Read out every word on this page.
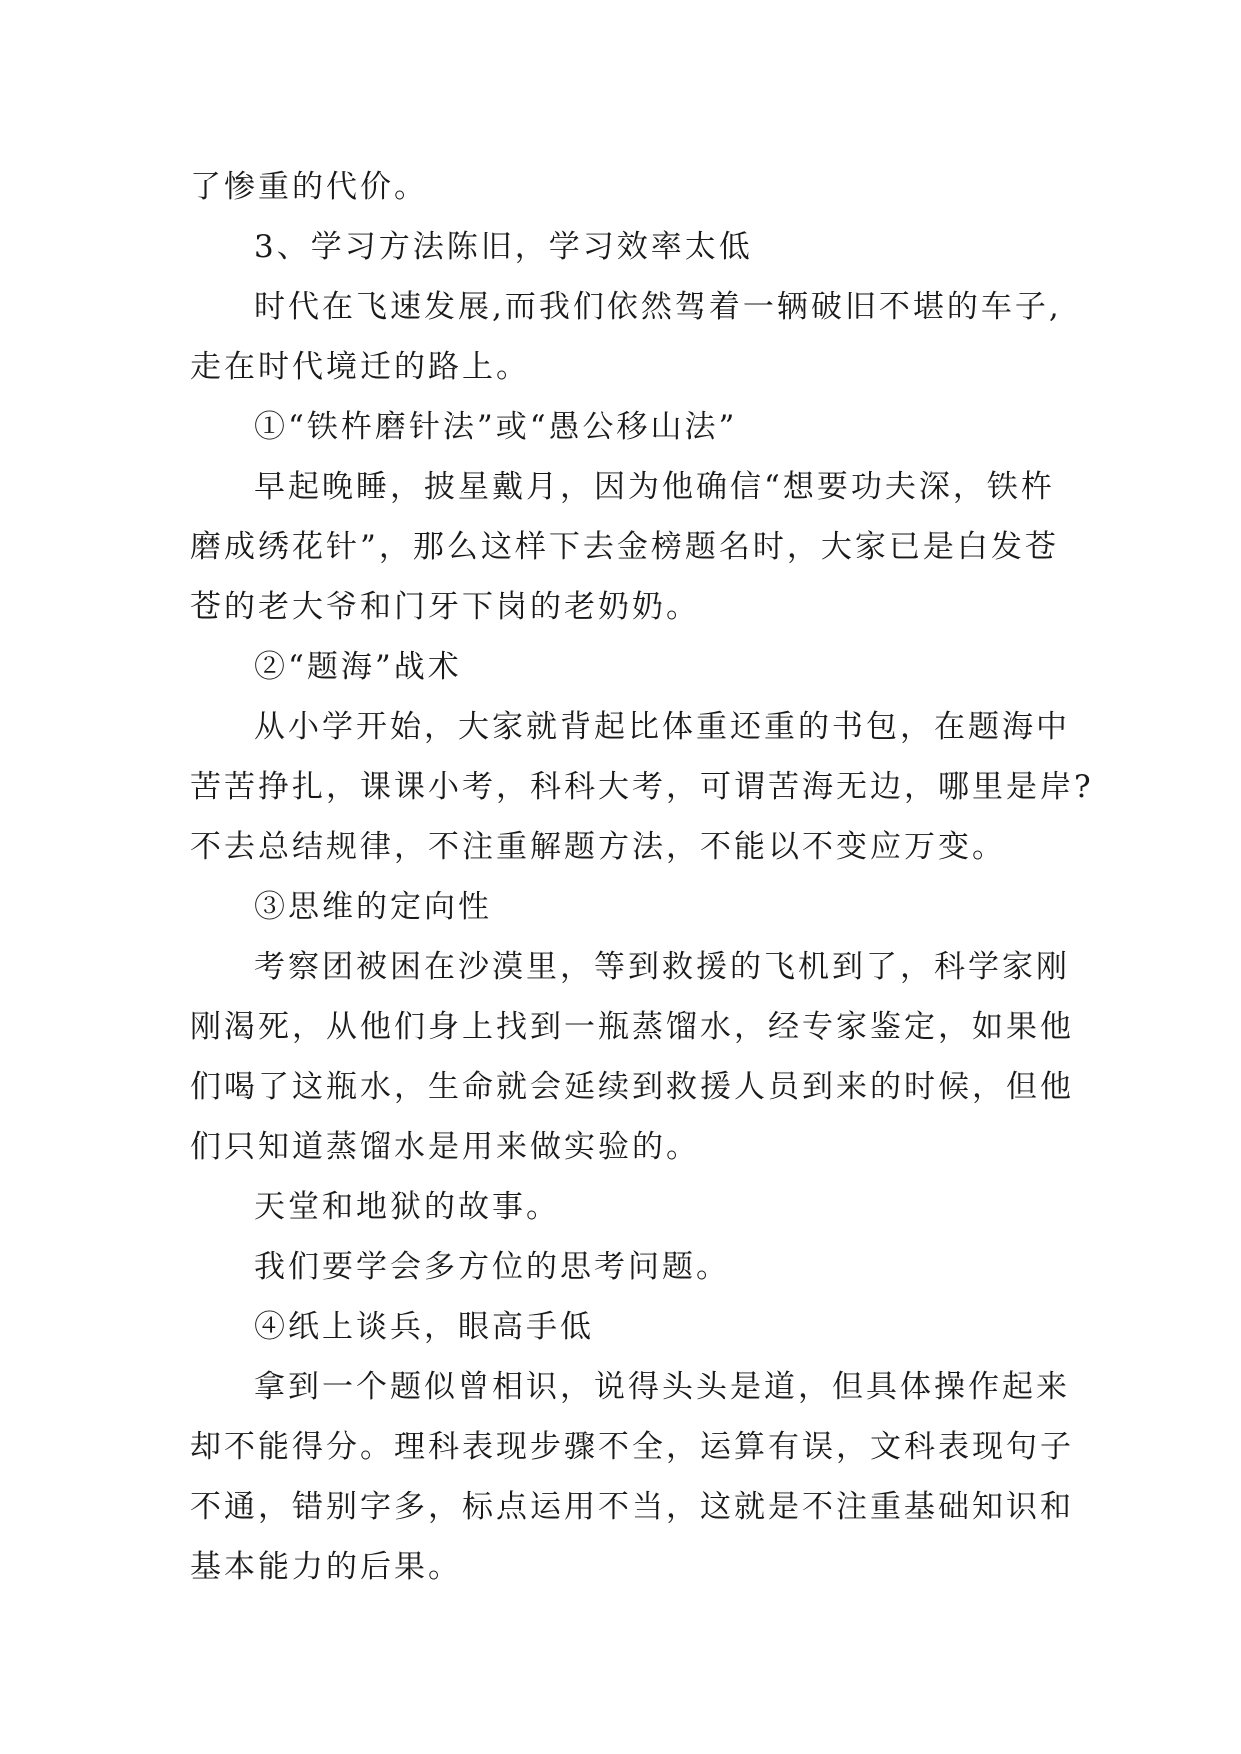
了惨重的代价。
3、学习方法陈旧，学习效率太低
时代在飞速发展,而我们依然驾着一辆破旧不堪的车子,
走在时代境迁的路上。
①“铁杵磨针法”或“愚公移山法”
早起晚睡，披星戴月，因为他确信“想要功夫深，铁杵
磨成绣花针”，那么这样下去金榜题名时，大家已是白发苍
苍的老大爷和门牙下岗的老奶奶。
②“题海”战术
从小学开始，大家就背起比体重还重的书包，在题海中
苦苦挣扎，课课小考，科科大考，可谓苦海无边，哪里是岸?
不去总结规律，不注重解题方法，不能以不变应万变。
③思维的定向性
考察团被困在沙漠里，等到救援的飞机到了，科学家刚
刚渴死，从他们身上找到一瓶蒸馏水，经专家鉴定，如果他
们喝了这瓶水，生命就会延续到救援人员到来的时候，但他
们只知道蒸馏水是用来做实验的。
天堂和地狱的故事。
我们要学会多方位的思考问题。
④纸上谈兵，眼高手低
拿到一个题似曾相识，说得头头是道，但具体操作起来
却不能得分。理科表现步骤不全，运算有误，文科表现句子
不通，错别字多，标点运用不当，这就是不注重基础知识和
基本能力的后果。
